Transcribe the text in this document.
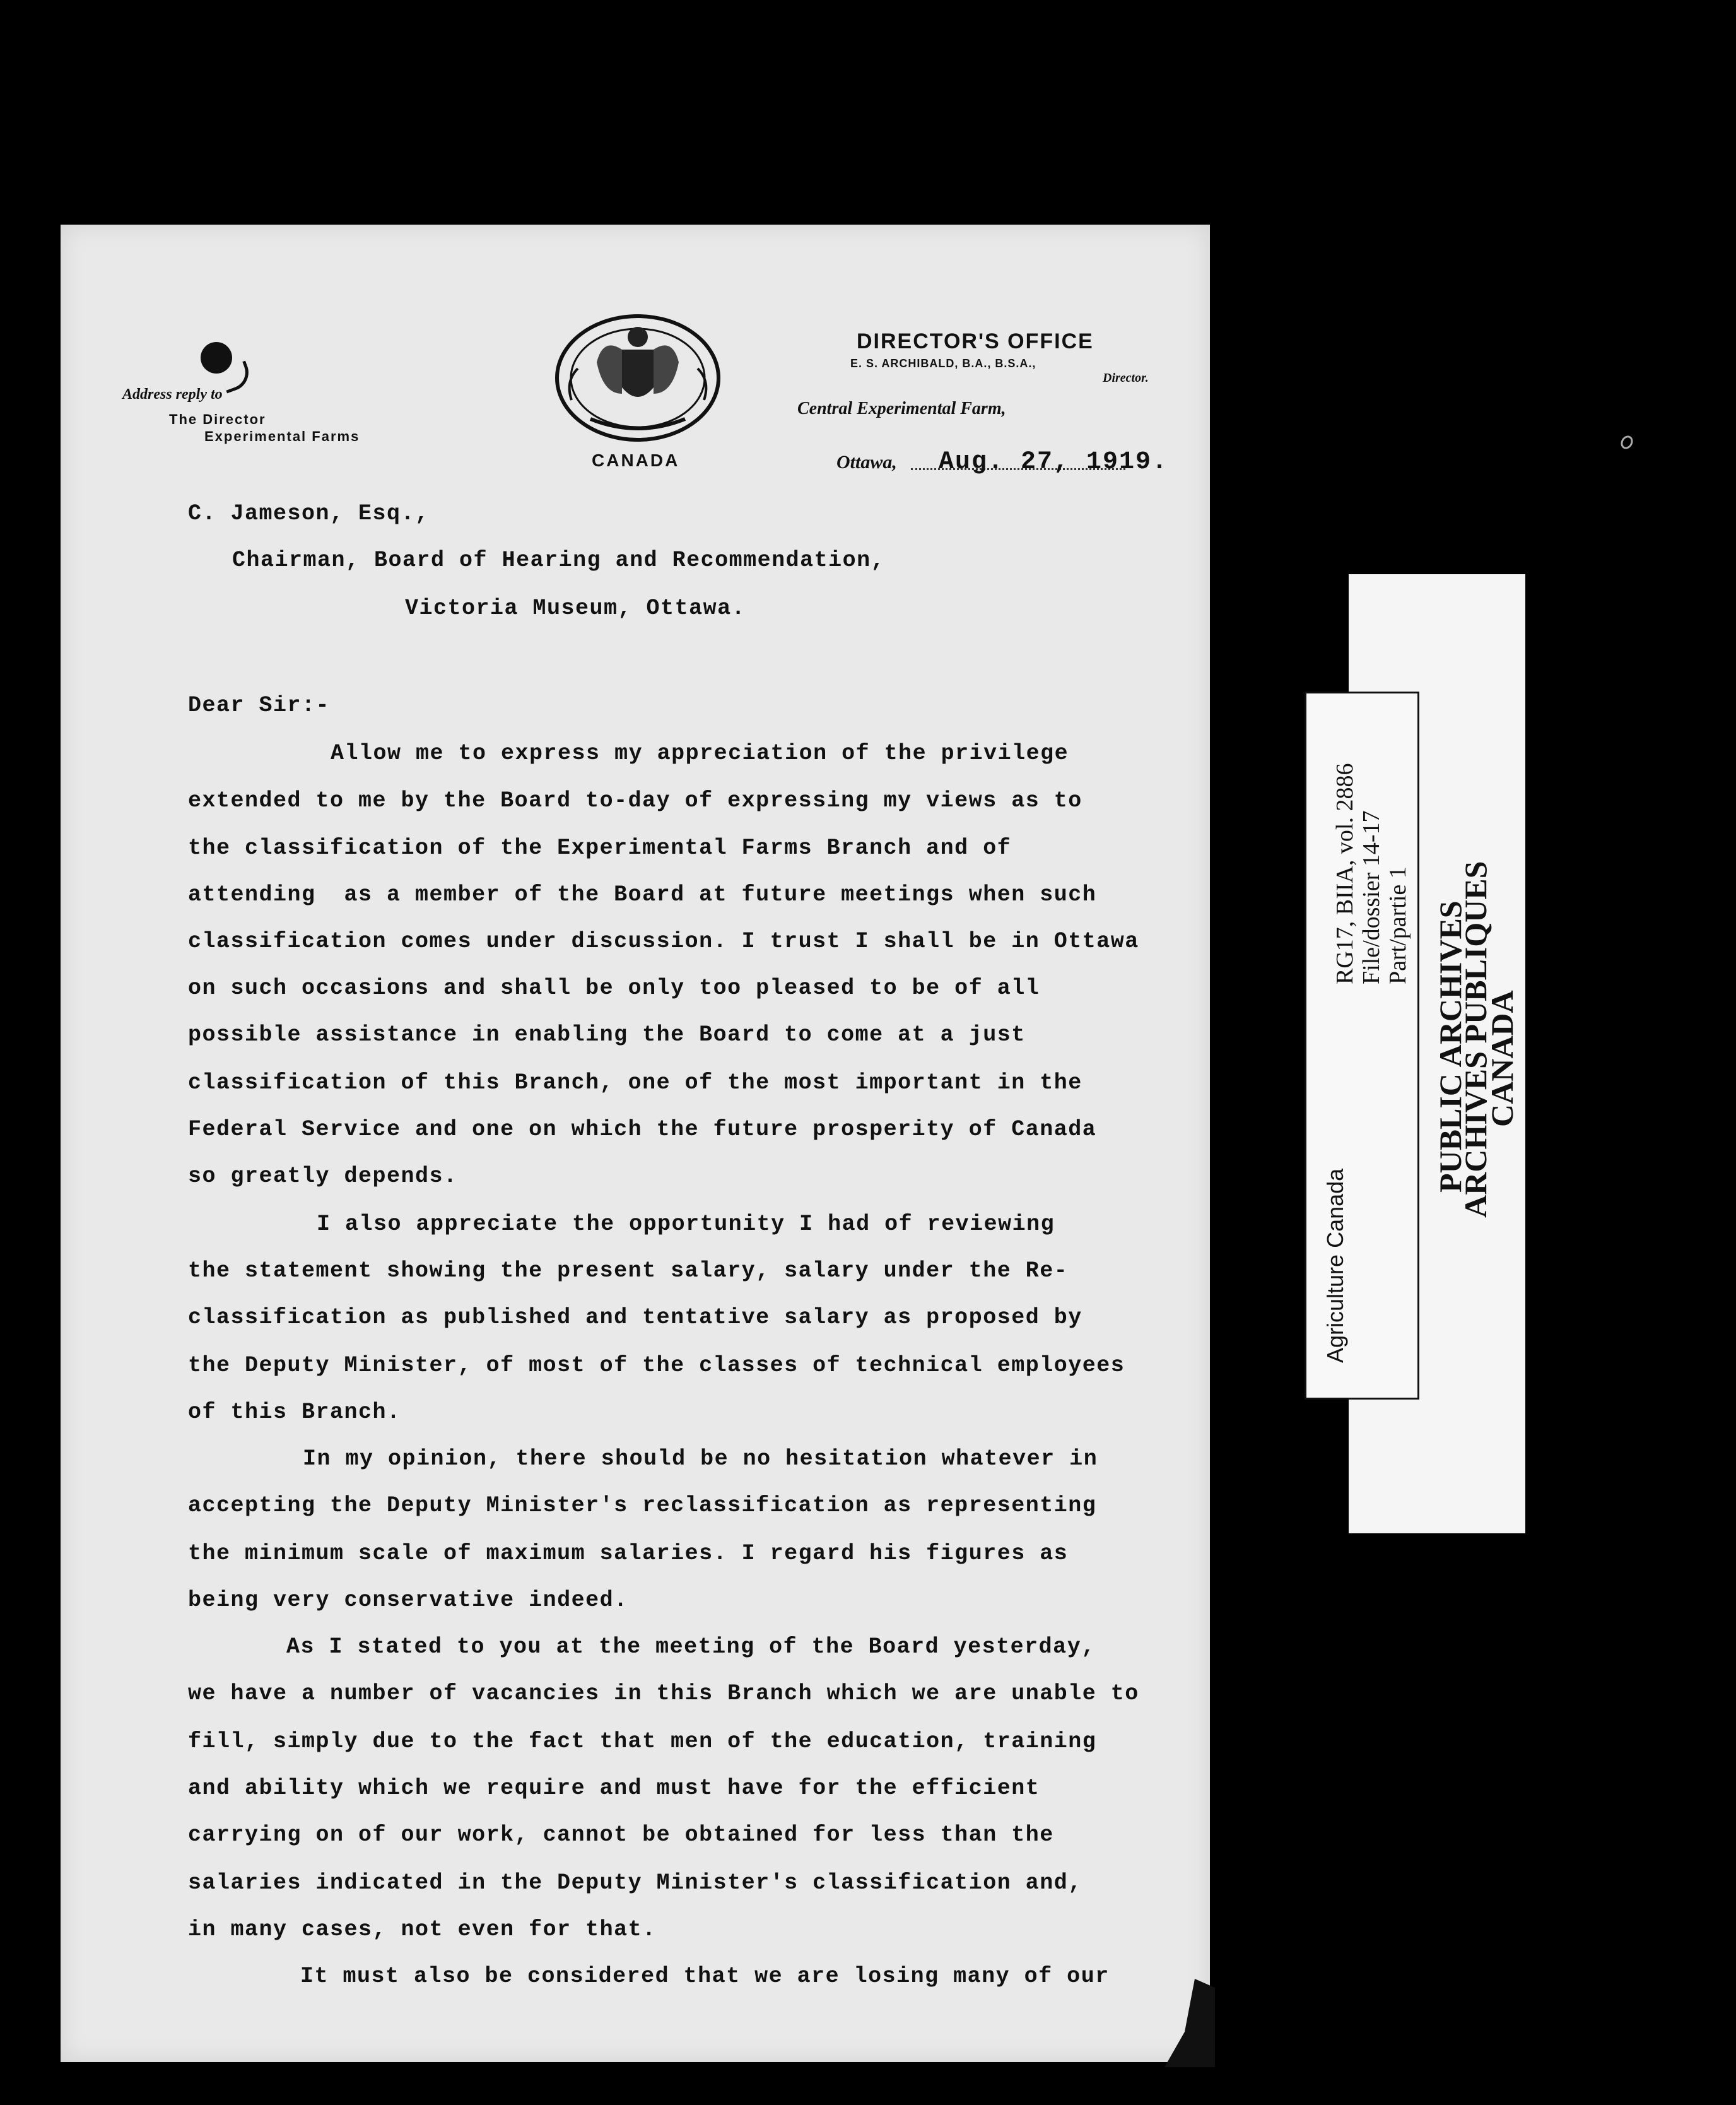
Address reply to
The Director
Experimental Farms
CANADA
DIRECTOR'S OFFICE
E. S. ARCHIBALD, B.A., B.S.A.,
Director.
Central Experimental Farm,
Ottawa, Aug. 27, 1919.
C. Jameson, Esq.,
Chairman, Board of Hearing and Recommendation,
Victoria Museum, Ottawa.
Dear Sir:-
Allow me to express my appreciation of the privilege
extended to me by the Board to-day of expressing my views as to
the classification of the Experimental Farms Branch and of
attending  as a member of the Board at future meetings when such
classification comes under discussion. I trust I shall be in Ottawa
on such occasions and shall be only too pleased to be of all
possible assistance in enabling the Board to come at a just
classification of this Branch, one of the most important in the
Federal Service and one on which the future prosperity of Canada
so greatly depends.
I also appreciate the opportunity I had of reviewing
the statement showing the present salary, salary under the Re-
classification as published and tentative salary as proposed by
the Deputy Minister, of most of the classes of technical employees
of this Branch.
In my opinion, there should be no hesitation whatever in
accepting the Deputy Minister's reclassification as representing
the minimum scale of maximum salaries. I regard his figures as
being very conservative indeed.
As I stated to you at the meeting of the Board yesterday,
we have a number of vacancies in this Branch which we are unable to
fill, simply due to the fact that men of the education, training
and ability which we require and must have for the efficient
carrying on of our work, cannot be obtained for less than the
salaries indicated in the Deputy Minister's classification and,
in many cases, not even for that.
It must also be considered that we are losing many of our
Agriculture Canada
RG17, BIIA, vol. 2886 File/dossier 14-17 Part/partie 1 PUBLIC ARCHIVES
ARCHIVES PUBLIQUES
CANADA
